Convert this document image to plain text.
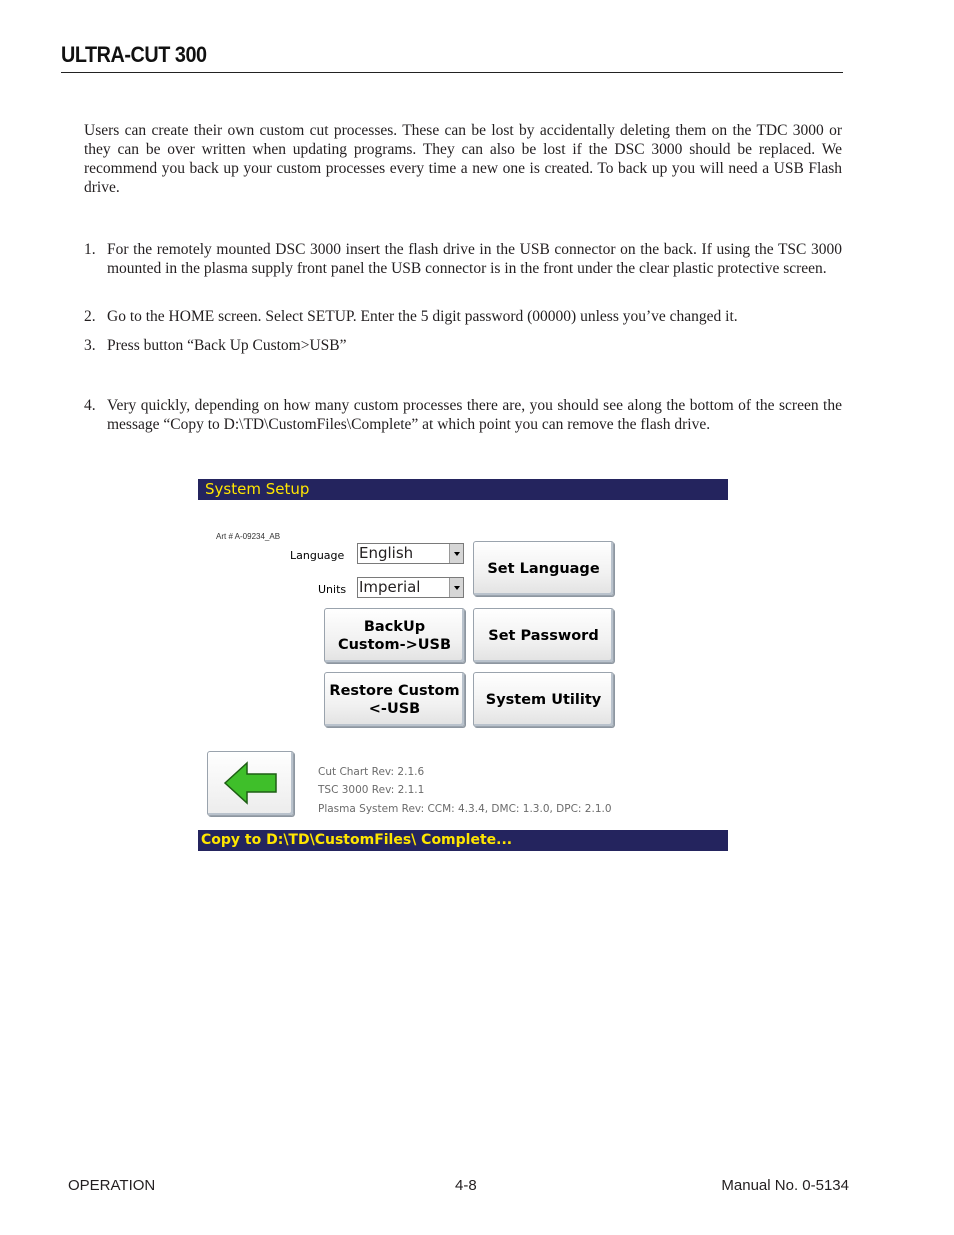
ULTRA-CUT 300

Users can create their own custom cut processes. These can be lost by accidentally deleting them on the TDC 3000 or they can be over written when updating programs. They can also be lost if the DSC 3000 should be replaced. We recommend you back up your custom processes every time a new one is created. To back up you will need a USB Flash drive.

1. For the remotely mounted DSC 3000 insert the flash drive in the USB connector on the back. If using the TSC 3000 mounted in the plasma supply front panel the USB connector is in the front under the clear plastic protective screen.
2. Go to the HOME screen. Select SETUP. Enter the 5 digit password (00000) unless you’ve changed it.
3. Press button “Back Up Custom>USB”
4. Very quickly, depending on how many custom processes there are, you should see along the bottom of the screen the message “Copy to D:\TD\CustomFiles\Complete” at which point you can remove the flash drive.
System Setup
Art # A-09234_AB
Language English
Units Imperial
Set Language
BackUp
Custom->USB
Set Password
Restore Custom
<-USB
System Utility
Cut Chart Rev: 2.1.6
TSC 3000 Rev: 2.1.1
Plasma System Rev: CCM: 4.3.4, DMC: 1.3.0, DPC: 2.1.0
Copy to D:\TD\CustomFiles\ Complete...
OPERATION	4-8	Manual No. 0-5134
